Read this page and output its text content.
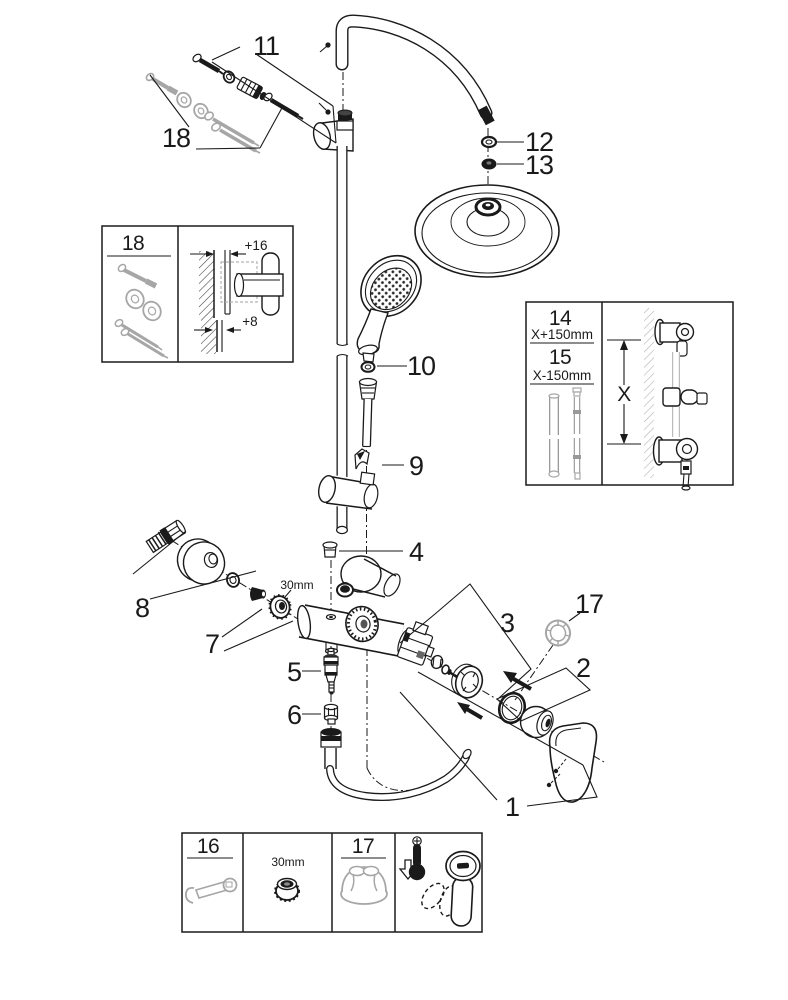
1
2
3
4
5
6
7
8
9
10
11
12
13
17
18
30mm
18	+16
+8	14
X+150mm
15
X-150mm
X
16
30mm
17
